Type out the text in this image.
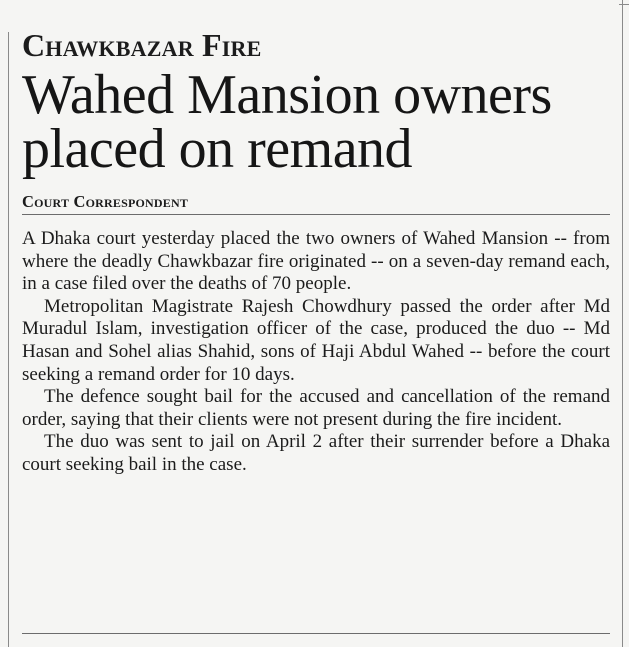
Chawkbazar Fire
Wahed Mansion owners placed on remand
Court Correspondent

A Dhaka court yesterday placed the two owners of Wahed Mansion -- from where the deadly Chawkbazar fire originated -- on a seven-day remand each, in a case filed over the deaths of 70 people.

Metropolitan Magistrate Rajesh Chowdhury passed the order after Md Muradul Islam, investigation officer of the case, produced the duo -- Md Hasan and Sohel alias Shahid, sons of Haji Abdul Wahed -- before the court seeking a remand order for 10 days.

The defence sought bail for the accused and cancellation of the remand order, saying that their clients were not present during the fire incident.

The duo was sent to jail on April 2 after their surrender before a Dhaka court seeking bail in the case.
